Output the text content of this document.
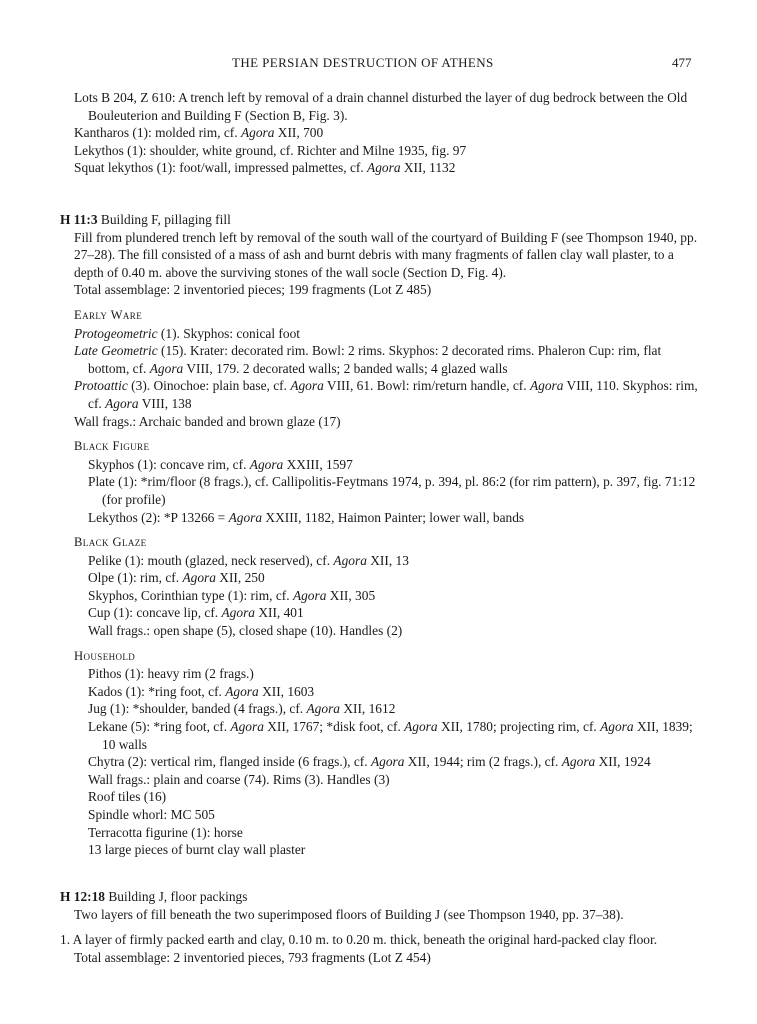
THE PERSIAN DESTRUCTION OF ATHENS	477

Lots B 204, Z 610: A trench left by removal of a drain channel disturbed the layer of dug bedrock between the Old Bouleuterion and Building F (Section B, Fig. 3).

Kantharos (1): molded rim, cf. Agora XII, 700

Lekythos (1): shoulder, white ground, cf. Richter and Milne 1935, fig. 97

Squat lekythos (1): foot/wall, impressed palmettes, cf. Agora XII, 1132

H 11:3 Building F, pillaging fill

Fill from plundered trench left by removal of the south wall of the courtyard of Building F (see Thompson 1940, pp. 27–28). The fill consisted of a mass of ash and burnt debris with many fragments of fallen clay wall plaster, to a depth of 0.40 m. above the surviving stones of the wall socle (Section D, Fig. 4).

Total assemblage: 2 inventoried pieces; 199 fragments (Lot Z 485)

Early Ware

Protogeometric (1). Skyphos: conical foot

Late Geometric (15). Krater: decorated rim. Bowl: 2 rims. Skyphos: 2 decorated rims. Phaleron Cup: rim, flat bottom, cf. Agora VIII, 179. 2 decorated walls; 2 banded walls; 4 glazed walls

Protoattic (3). Oinochoe: plain base, cf. Agora VIII, 61. Bowl: rim/return handle, cf. Agora VIII, 110. Skyphos: rim, cf. Agora VIII, 138

Wall frags.: Archaic banded and brown glaze (17)

Black Figure

Skyphos (1): concave rim, cf. Agora XXIII, 1597

Plate (1): *rim/floor (8 frags.), cf. Callipolitis-Feytmans 1974, p. 394, pl. 86:2 (for rim pattern), p. 397, fig. 71:12 (for profile)

Lekythos (2): *P 13266 = Agora XXIII, 1182, Haimon Painter; lower wall, bands

Black Glaze

Pelike (1): mouth (glazed, neck reserved), cf. Agora XII, 13

Olpe (1): rim, cf. Agora XII, 250

Skyphos, Corinthian type (1): rim, cf. Agora XII, 305

Cup (1): concave lip, cf. Agora XII, 401

Wall frags.: open shape (5), closed shape (10). Handles (2)

Household

Pithos (1): heavy rim (2 frags.)

Kados (1): *ring foot, cf. Agora XII, 1603

Jug (1): *shoulder, banded (4 frags.), cf. Agora XII, 1612

Lekane (5): *ring foot, cf. Agora XII, 1767; *disk foot, cf. Agora XII, 1780; projecting rim, cf. Agora XII, 1839; 10 walls

Chytra (2): vertical rim, flanged inside (6 frags.), cf. Agora XII, 1944; rim (2 frags.), cf. Agora XII, 1924

Wall frags.: plain and coarse (74). Rims (3). Handles (3)

Roof tiles (16)

Spindle whorl: MC 505

Terracotta figurine (1): horse

13 large pieces of burnt clay wall plaster

H 12:18 Building J, floor packings

Two layers of fill beneath the two superimposed floors of Building J (see Thompson 1940, pp. 37–38).

1. A layer of firmly packed earth and clay, 0.10 m. to 0.20 m. thick, beneath the original hard-packed clay floor.

Total assemblage: 2 inventoried pieces, 793 fragments (Lot Z 454)
